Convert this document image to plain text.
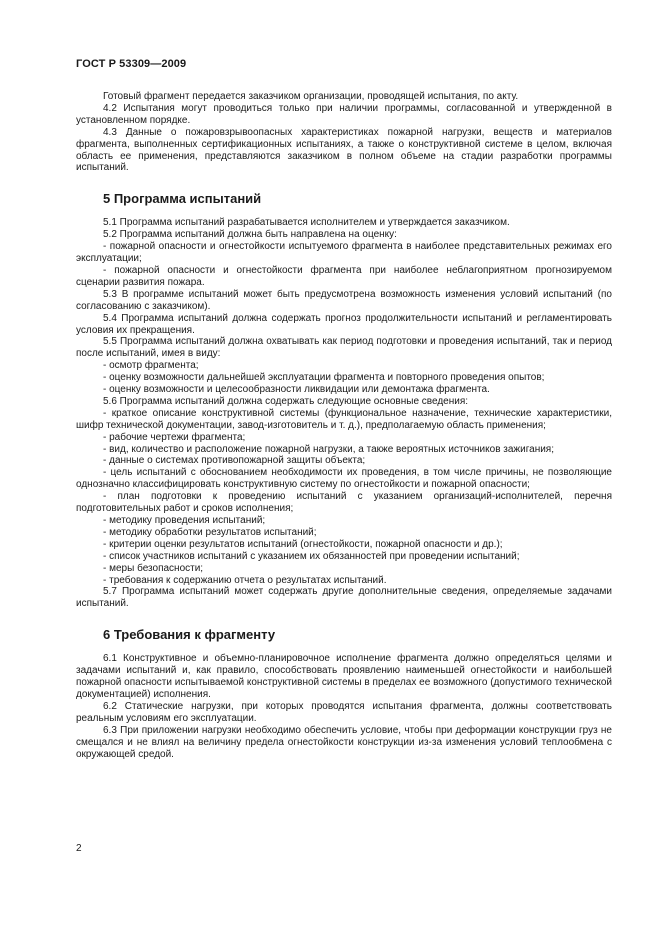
ГОСТ Р 53309—2009
Готовый фрагмент передается заказчиком организации, проводящей испытания, по акту.
4.2 Испытания могут проводиться только при наличии программы, согласованной и утвержденной в установленном порядке.
4.3 Данные о пожаровзрывоопасных характеристиках пожарной нагрузки, веществ и материалов фрагмента, выполненных сертификационных испытаниях, а также о конструктивной системе в целом, включая область ее применения, представляются заказчиком в полном объеме на стадии разработки программы испытаний.
5 Программа испытаний
5.1 Программа испытаний разрабатывается исполнителем и утверждается заказчиком.
5.2 Программа испытаний должна быть направлена на оценку:
- пожарной опасности и огнестойкости испытуемого фрагмента в наиболее представительных режимах его эксплуатации;
- пожарной опасности и огнестойкости фрагмента при наиболее неблагоприятном прогнозируемом сценарии развития пожара.
5.3 В программе испытаний может быть предусмотрена возможность изменения условий испытаний (по согласованию с заказчиком).
5.4 Программа испытаний должна содержать прогноз продолжительности испытаний и регламентировать условия их прекращения.
5.5 Программа испытаний должна охватывать как период подготовки и проведения испытаний, так и период после испытаний, имея в виду:
- осмотр фрагмента;
- оценку возможности дальнейшей эксплуатации фрагмента и повторного проведения опытов;
- оценку возможности и целесообразности ликвидации или демонтажа фрагмента.
5.6 Программа испытаний должна содержать следующие основные сведения:
- краткое описание конструктивной системы (функциональное назначение, технические характеристики, шифр технической документации, завод-изготовитель и т. д.), предполагаемую область применения;
- рабочие чертежи фрагмента;
- вид, количество и расположение пожарной нагрузки, а также вероятных источников зажигания;
- данные о системах противопожарной защиты объекта;
- цель испытаний с обоснованием необходимости их проведения, в том числе причины, не позволяющие однозначно классифицировать конструктивную систему по огнестойкости и пожарной опасности;
- план подготовки к проведению испытаний с указанием организаций-исполнителей, перечня подготовительных работ и сроков исполнения;
- методику проведения испытаний;
- методику обработки результатов испытаний;
- критерии оценки результатов испытаний (огнестойкости, пожарной опасности и др.);
- список участников испытаний с указанием их обязанностей при проведении испытаний;
- меры безопасности;
- требования к содержанию отчета о результатах испытаний.
5.7 Программа испытаний может содержать другие дополнительные сведения, определяемые задачами испытаний.
6 Требования к фрагменту
6.1 Конструктивное и объемно-планировочное исполнение фрагмента должно определяться целями и задачами испытаний и, как правило, способствовать проявлению наименьшей огнестойкости и наибольшей пожарной опасности испытываемой конструктивной системы в пределах ее возможного (допустимого технической документацией) исполнения.
6.2 Статические нагрузки, при которых проводятся испытания фрагмента, должны соответствовать реальным условиям его эксплуатации.
6.3 При приложении нагрузки необходимо обеспечить условие, чтобы при деформации конструкции груз не смещался и не влиял на величину предела огнестойкости конструкции из-за изменения условий теплообмена с окружающей средой.
2
